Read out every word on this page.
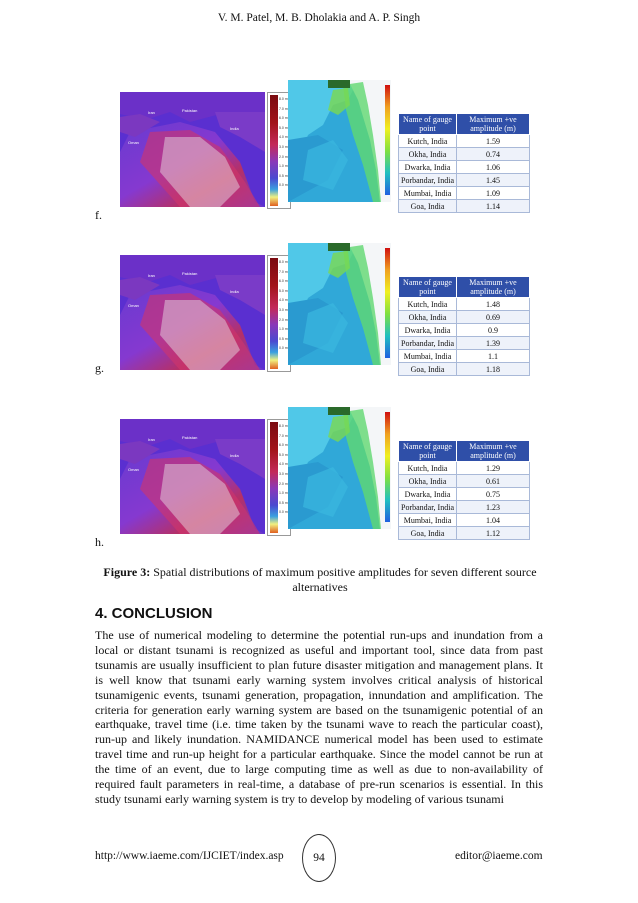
V. M. Patel, M. B. Dholakia and A. P. Singh
f.
Iran	Pakistan
India
Oman
8.0 m
7.0 m
6.0 m
5.0 m
4.0 m
3.0 m
2.0 m
1.0 m
0.5 m
0.0 m
Name of gauge point	Maximum +ve amplitude (m)
Kutch, India	1.59
Okha, India	0.74
Dwarka, India	1.06
Porbandar, India	1.45
Mumbai, India	1.09
Goa, India	1.14
g.
Iran	Pakistan
India
Oman
8.0 m
7.0 m
6.0 m
5.0 m
4.0 m
3.0 m
2.0 m
1.0 m
0.5 m
0.0 m
Name of gauge point	Maximum +ve amplitude (m)
Kutch, India	1.48
Okha, India	0.69
Dwarka, India	0.9
Porbandar, India	1.39
Mumbai, India	1.1
Goa, India	1.18
h.
Iran	Pakistan
India
Oman
8.0 m
7.0 m
6.0 m
5.0 m
4.0 m
3.0 m
2.0 m
1.0 m
0.5 m
0.0 m
Name of gauge point	Maximum +ve amplitude (m)
Kutch, India	1.29
Okha, India	0.61
Dwarka, India	0.75
Porbandar, India	1.23
Mumbai, India	1.04
Goa, India	1.12
Figure 3: Spatial distributions of maximum positive amplitudes for seven different source alternatives
4. CONCLUSION
The use of numerical modeling to determine the potential run-ups and inundation from a local or distant tsunami is recognized as useful and important tool, since data from past tsunamis are usually insufficient to plan future disaster mitigation and management plans. It is well know that tsunami early warning system involves critical analysis of historical tsunamigenic events, tsunami generation, propagation, innundation and amplification. The criteria for generation early warning system are based on the tsunamigenic potential of an earthquake, travel time (i.e. time taken by the tsunami wave to reach the particular coast), run-up and likely inundation. NAMIDANCE numerical model has been used to estimate travel time and run-up height for a particular earthquake. Since the model cannot be run at the time of an event, due to large computing time as well as due to non-availability of required fault parameters in real-time, a database of pre-run scenarios is essential. In this study tsunami early warning system is try to develop by modeling of various tsunami
http://www.iaeme.com/IJCIET/index.asp	94	editor@iaeme.com
